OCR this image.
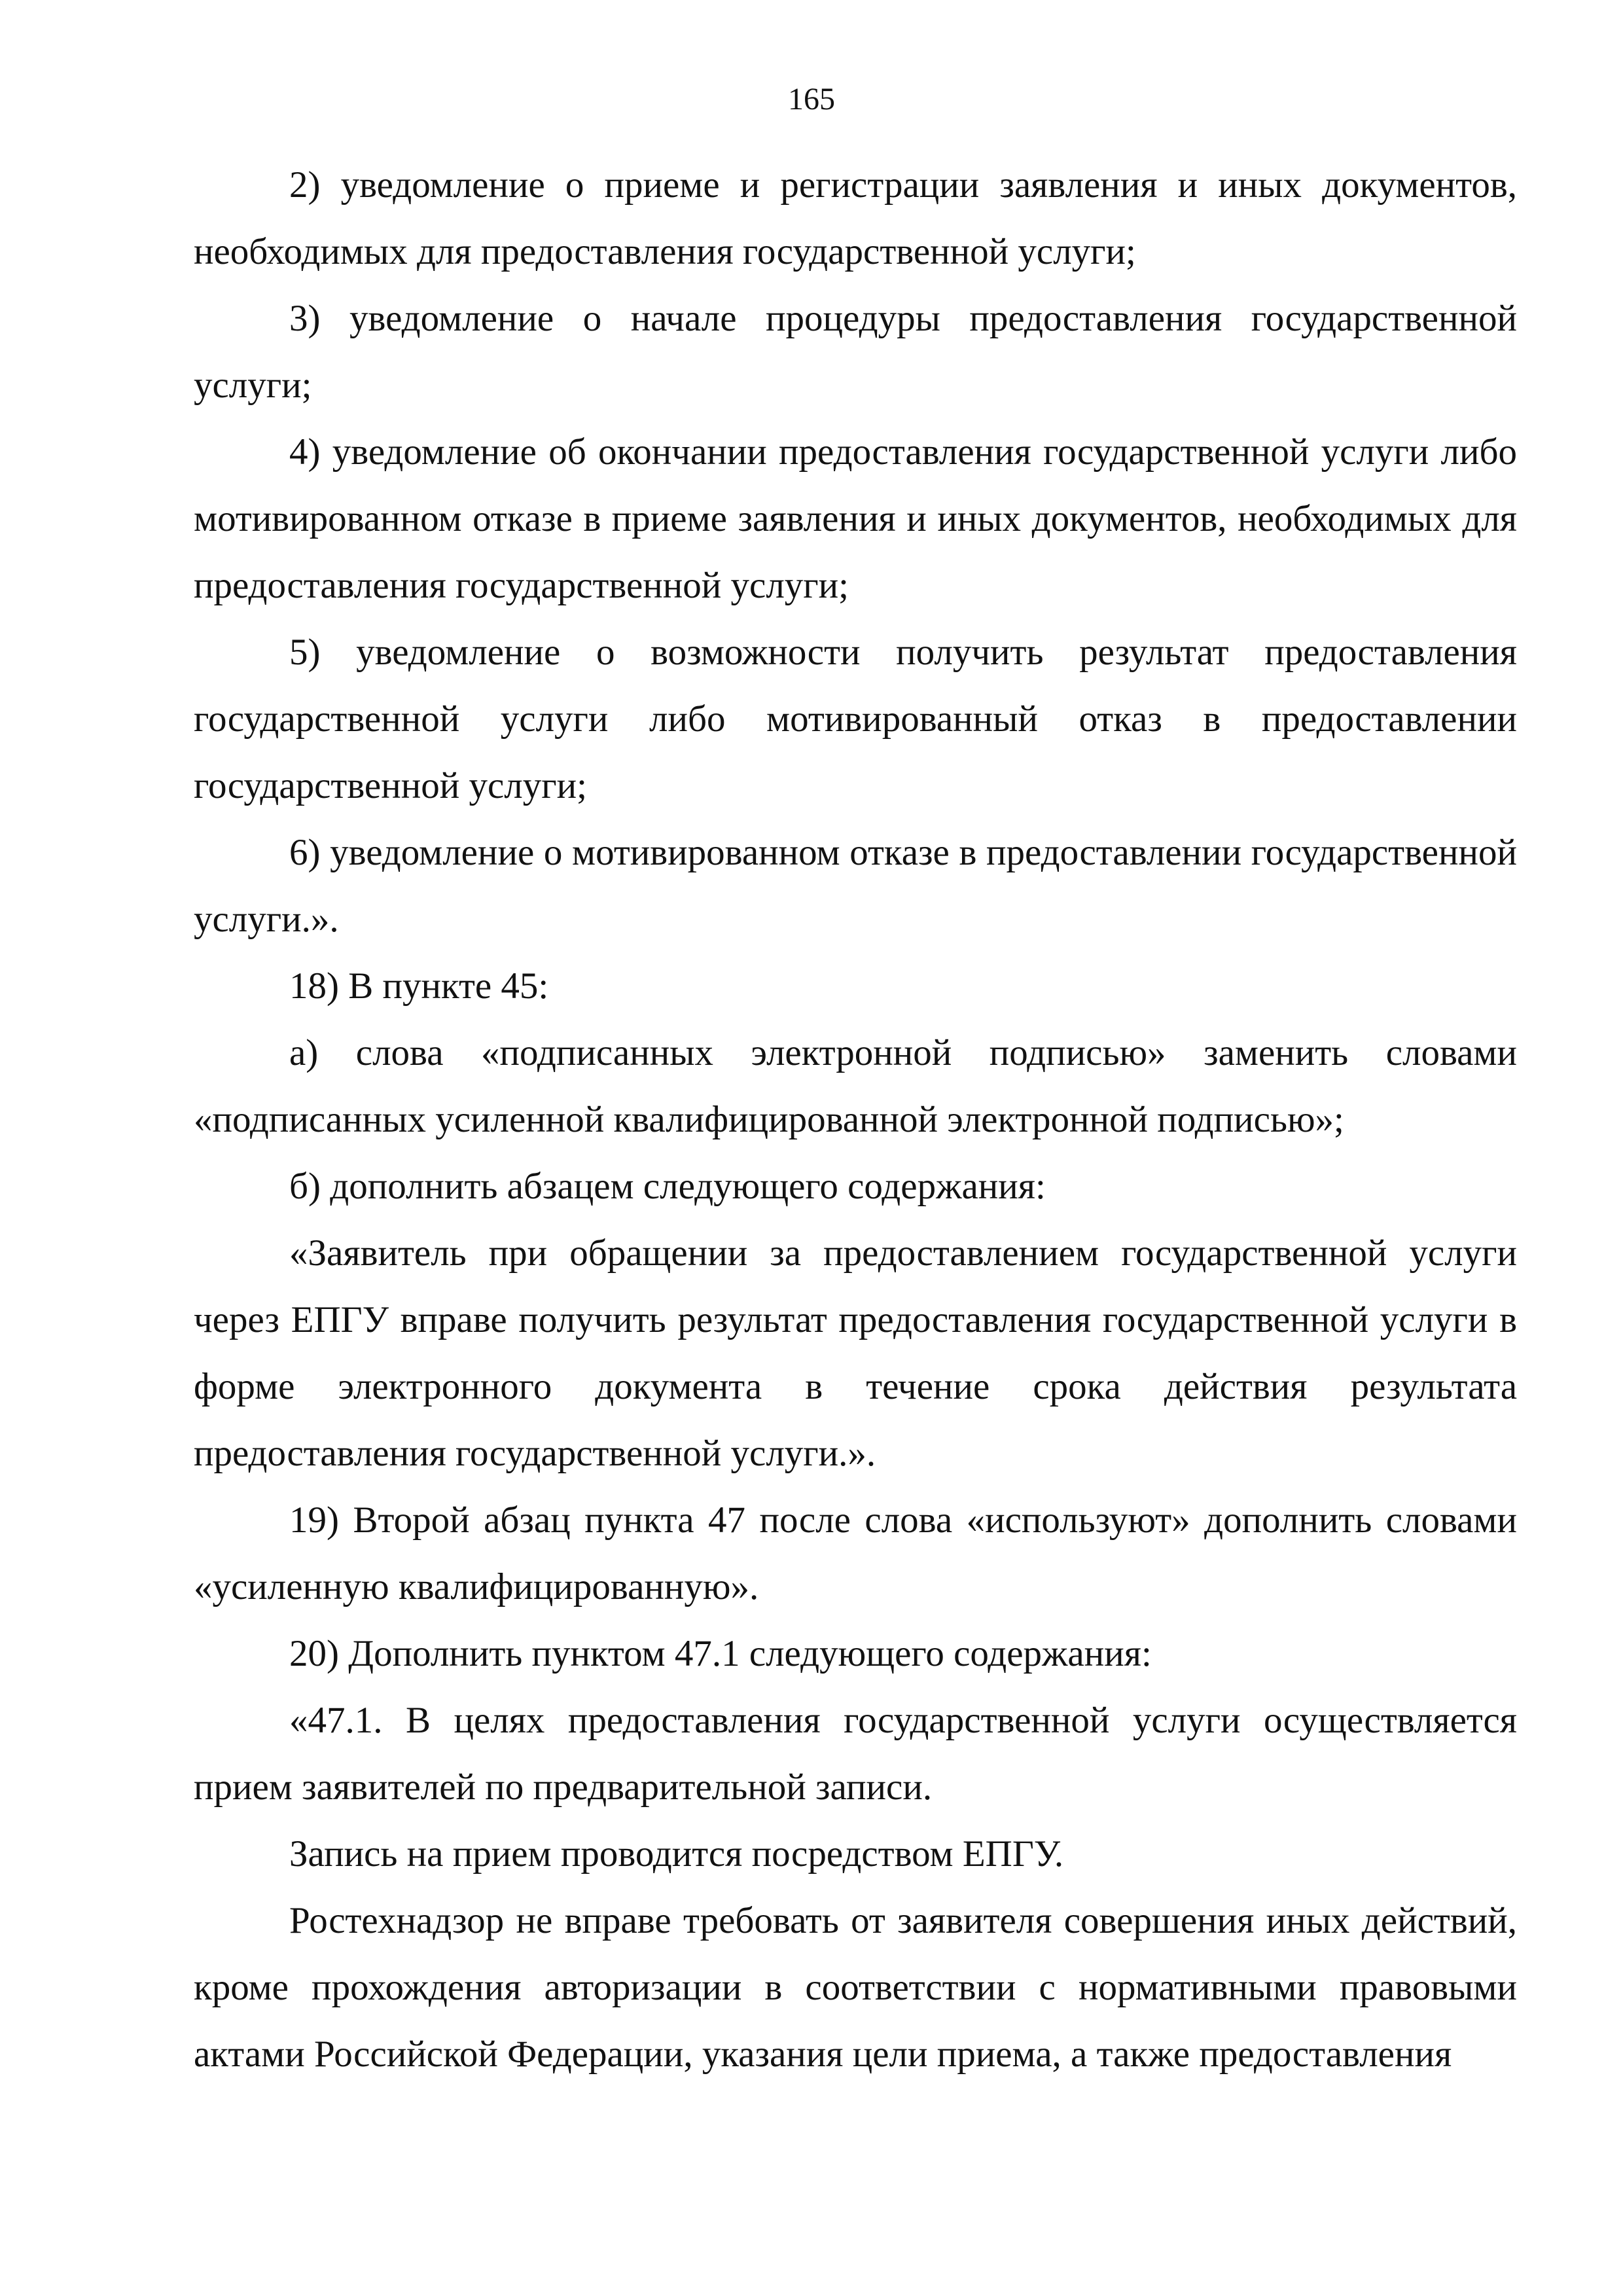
165

2) уведомление о приеме и регистрации заявления и иных документов, необходимых для предоставления государственной услуги;

3) уведомление о начале процедуры предоставления государственной услуги;

4) уведомление об окончании предоставления государственной услуги либо мотивированном отказе в приеме заявления и иных документов, необходимых для предоставления государственной услуги;

5) уведомление о возможности получить результат предоставления государственной услуги либо мотивированный отказ в предоставлении государственной услуги;

6) уведомление о мотивированном отказе в предоставлении государственной услуги.».

18) В пункте 45:

а) слова «подписанных электронной подписью» заменить словами «подписанных усиленной квалифицированной электронной подписью»;

б) дополнить абзацем следующего содержания:

«Заявитель при обращении за предоставлением государственной услуги через ЕПГУ вправе получить результат предоставления государственной услуги в форме электронного документа в течение срока действия результата предоставления государственной услуги.».

19) Второй абзац пункта 47 после слова «используют» дополнить словами «усиленную квалифицированную».

20) Дополнить пунктом 47.1 следующего содержания:

«47.1. В целях предоставления государственной услуги осуществляется прием заявителей по предварительной записи.

Запись на прием проводится посредством ЕПГУ.

Ростехнадзор не вправе требовать от заявителя совершения иных действий, кроме прохождения авторизации в соответствии с нормативными правовыми актами Российской Федерации, указания цели приема, а также предоставления
